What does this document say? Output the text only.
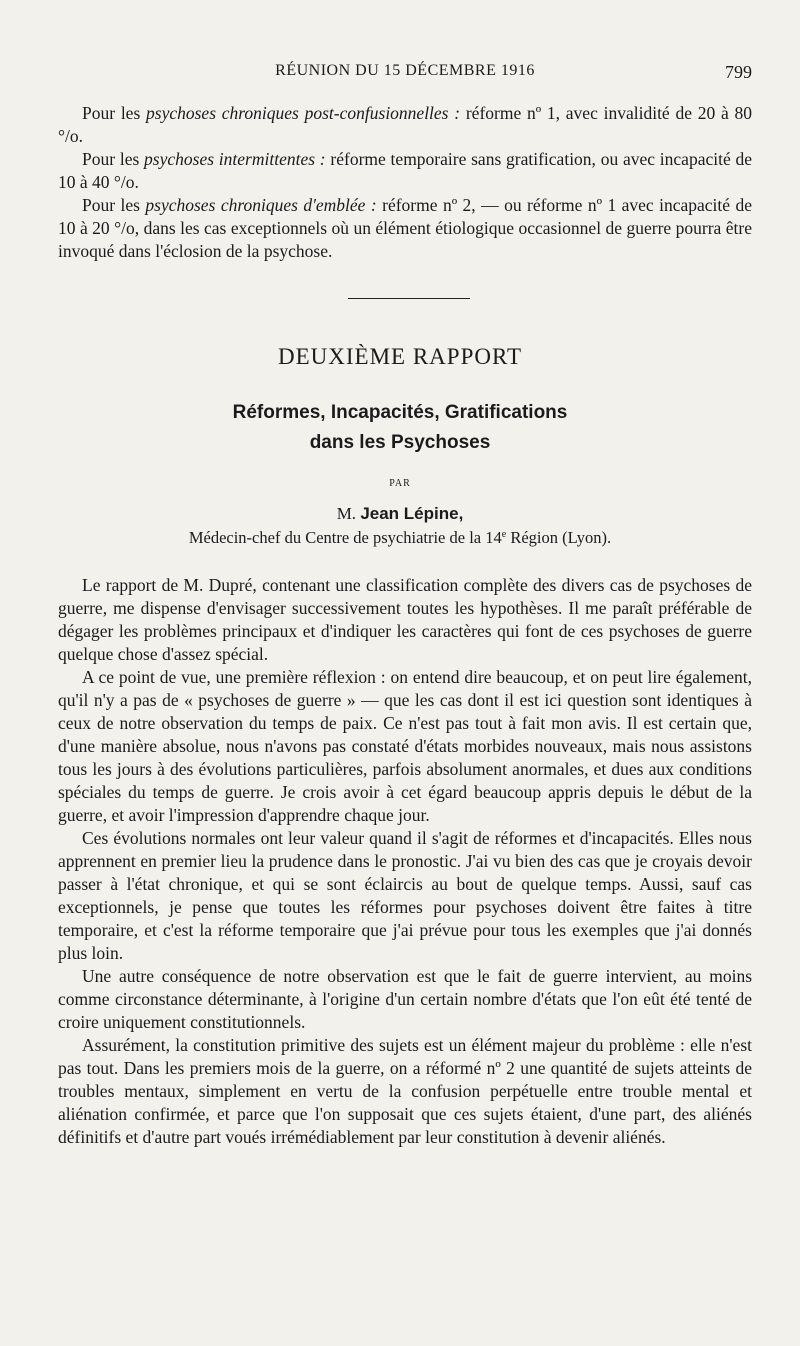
RÉUNION DU 15 DÉCEMBRE 1916	799

Pour les psychoses chroniques post-confusionnelles : réforme nº 1, avec invalidité de 20 à 80 °/o.

Pour les psychoses intermittentes : réforme temporaire sans gratification, ou avec incapacité de 10 à 40 °/o.

Pour les psychoses chroniques d'emblée : réforme nº 2, — ou réforme nº 1 avec incapacité de 10 à 20 °/o, dans les cas exceptionnels où un élément étiologique occasionnel de guerre pourra être invoqué dans l'éclosion de la psychose.

DEUXIÈME RAPPORT
Réformes, Incapacités, Gratifications
dans les Psychoses
PAR
M. Jean Lépine,
Médecin-chef du Centre de psychiatrie de la 14e Région (Lyon).

Le rapport de M. Dupré, contenant une classification complète des divers cas de psychoses de guerre, me dispense d'envisager successivement toutes les hypothèses. Il me paraît préférable de dégager les problèmes principaux et d'indiquer les caractères qui font de ces psychoses de guerre quelque chose d'assez spécial.

A ce point de vue, une première réflexion : on entend dire beaucoup, et on peut lire également, qu'il n'y a pas de « psychoses de guerre » — que les cas dont il est ici question sont identiques à ceux de notre observation du temps de paix. Ce n'est pas tout à fait mon avis. Il est certain que, d'une manière absolue, nous n'avons pas constaté d'états morbides nouveaux, mais nous assistons tous les jours à des évolutions particulières, parfois absolument anormales, et dues aux conditions spéciales du temps de guerre. Je crois avoir à cet égard beaucoup appris depuis le début de la guerre, et avoir l'impression d'apprendre chaque jour.

Ces évolutions normales ont leur valeur quand il s'agit de réformes et d'incapacités. Elles nous apprennent en premier lieu la prudence dans le pronostic. J'ai vu bien des cas que je croyais devoir passer à l'état chronique, et qui se sont éclaircis au bout de quelque temps. Aussi, sauf cas exceptionnels, je pense que toutes les réformes pour psychoses doivent être faites à titre temporaire, et c'est la réforme temporaire que j'ai prévue pour tous les exemples que j'ai donnés plus loin.

Une autre conséquence de notre observation est que le fait de guerre intervient, au moins comme circonstance déterminante, à l'origine d'un certain nombre d'états que l'on eût été tenté de croire uniquement constitutionnels.

Assurément, la constitution primitive des sujets est un élément majeur du problème : elle n'est pas tout. Dans les premiers mois de la guerre, on a réformé nº 2 une quantité de sujets atteints de troubles mentaux, simplement en vertu de la confusion perpétuelle entre trouble mental et aliénation confirmée, et parce que l'on supposait que ces sujets étaient, d'une part, des aliénés définitifs et d'autre part voués irrémédiablement par leur constitution à devenir aliénés.
